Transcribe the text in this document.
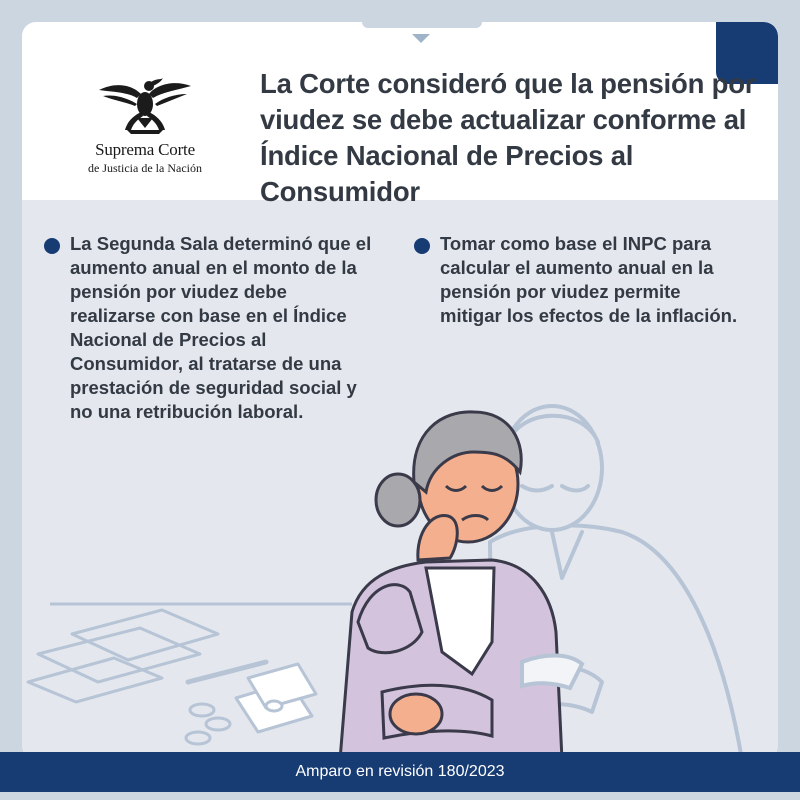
Suprema Corte
de Justicia de la Nación
La Corte consideró que la pensión por viudez se debe actualizar conforme al Índice Nacional de Precios al Consumidor
La Segunda Sala determinó que el aumento anual en el monto de la pensión por viudez debe realizarse con base en el Índice Nacional de Precios al Consumidor, al tratarse de una prestación de seguridad social y no una retribución laboral.
Tomar como base el INPC para calcular el aumento anual en la pensión por viudez permite mitigar los efectos de la inflación.
Amparo en revisión 180/2023
